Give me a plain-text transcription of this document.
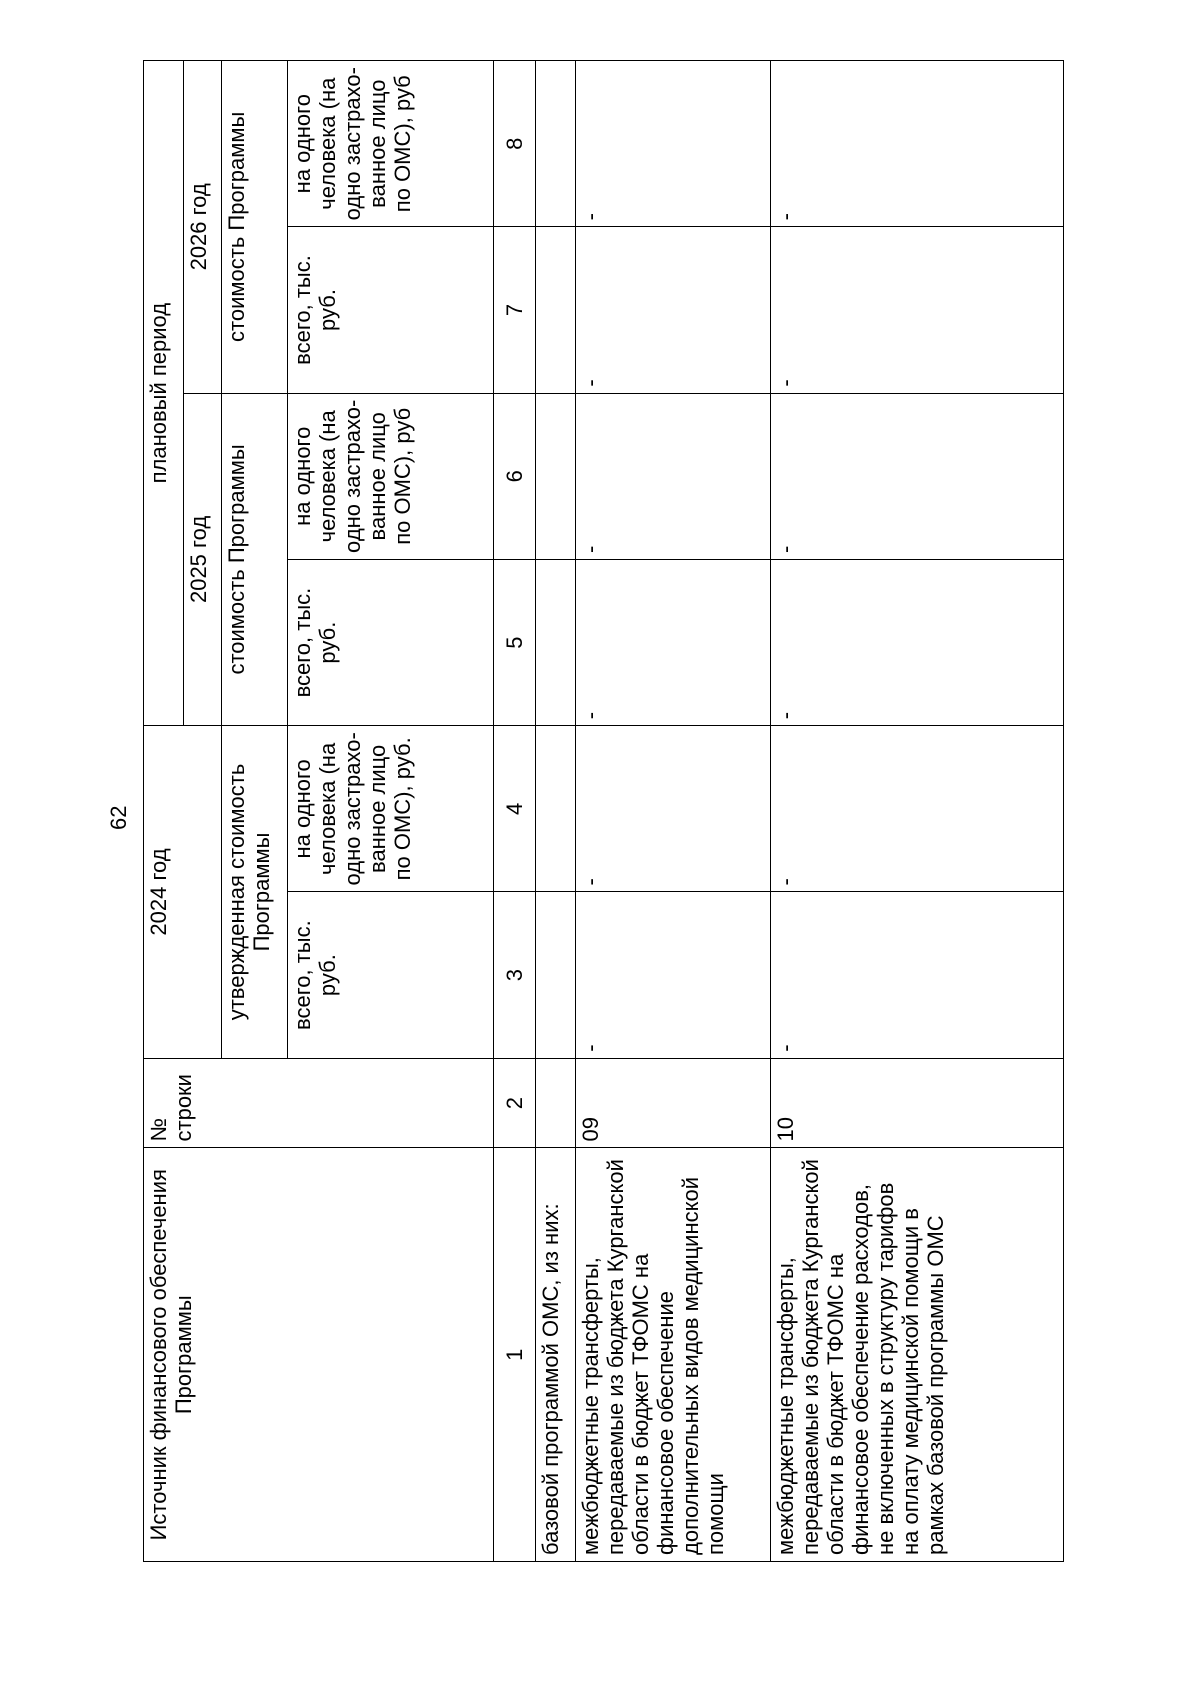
62
Источник финансового обеспечения Программы	№ строки	2024 год		плановый период			
				2025 год		2026 год	
		утвержденная стоимость Программы		стоимость Программы		стоимость Программы	
		всего, тыс. руб.	на одного человека (на одно застрахо-ванное лицо по ОМС), руб.	всего, тыс. руб.	на одного человека (на одно застрахо-ванное лицо по ОМС), руб	всего, тыс. руб.	на одного человека (на одно застрахо-ванное лицо по ОМС), руб
1	2	3	4	5	6	7	8
базовой программой ОМС, из них:							
межбюджетные трансферты, передаваемые из бюджета Курганской области в бюджет ТФОМС на финансовое обеспечение дополнительных видов медицинской помощи	09	-	-	-	-	-	-
межбюджетные трансферты, передаваемые из бюджета Курганской области в бюджет ТФОМС на финансовое обеспечение расходов, не включенных в структуру тарифов на оплату медицинской помощи в рамках базовой программы ОМС	10	-	-	-	-	-	-
